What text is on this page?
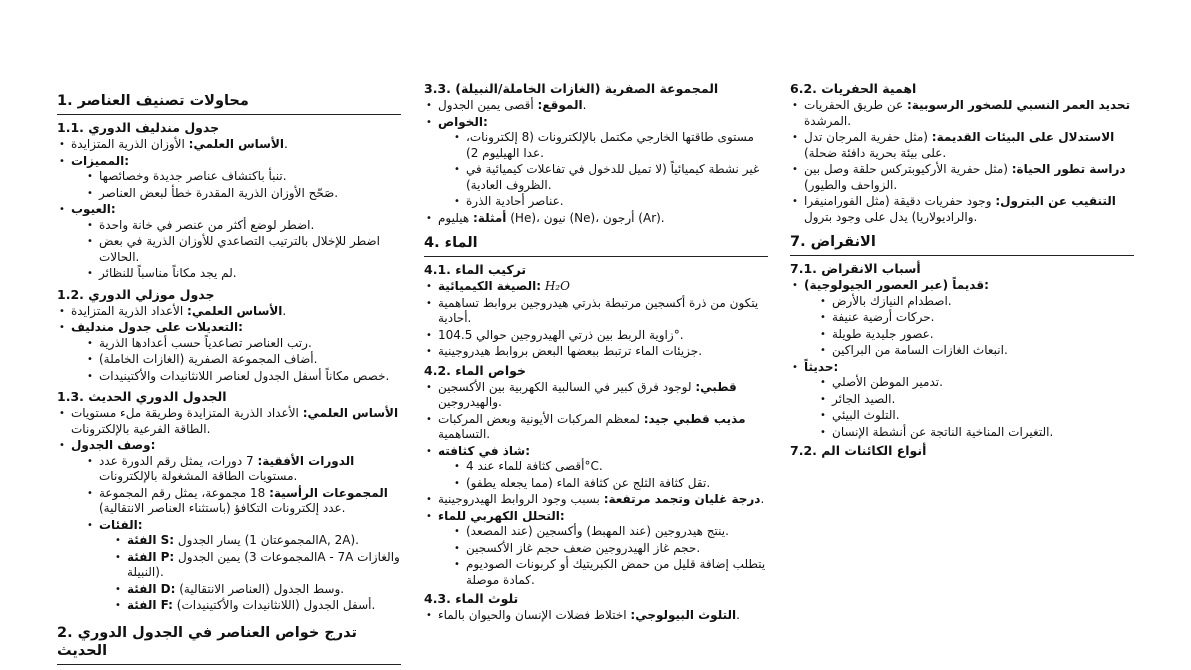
1. محاولات تصنيف العناصر
1.1. جدول مندليف الدوري
• الأساس العلمي: الأوزان الذرية المتزايدة.
• المميزات:
• تنبأ باكتشاف عناصر جديدة وخصائصها.
• صَحّح الأوزان الذرية المقدرة خطأ لبعض العناصر.
• العيوب:
• اضطر لوضع أكثر من عنصر في خانة واحدة.
• اضطر للإخلال بالترتيب التصاعدي للأوزان الذرية في بعض الحالات.
• لم يجد مكاناً مناسباً للنظائر.
1.2. جدول موزلي الدوري
• الأساس العلمي: الأعداد الذرية المتزايدة.
• التعديلات على جدول مندليف:
• رتب العناصر تصاعدياً حسب أعدادها الذرية.
• أضاف المجموعة الصفرية (الغازات الخاملة).
• خصص مكاناً أسفل الجدول لعناصر اللانثانيدات والأكتينيدات.
1.3. الجدول الدوري الحديث
• الأساس العلمي: الأعداد الذرية المتزايدة وطريقة ملء مستويات الطاقة الفرعية بالإلكترونات.
• وصف الجدول:
• الدورات الأفقية: 7 دورات، يمثل رقم الدورة عدد مستويات الطاقة المشغولة بالإلكترونات.
• المجموعات الرأسية: 18 مجموعة، يمثل رقم المجموعة عدد إلكترونات التكافؤ (باستثناء العناصر الانتقالية).
• الفئات:
• الفئة S: يسار الجدول (المجموعتان 1A, 2A).
• الفئة P: يمين الجدول (المجموعات 3A - 7A والغازات النبيلة).
• الفئة D: وسط الجدول (العناصر الانتقالية).
• الفئة F: أسفل الجدول (اللانثانيدات والأكتينيدات).
2. تدرج خواص العناصر في الجدول الدوري الحديث
3.3. المجموعة الصفرية (الغازات الخاملة/النبيلة)
• الموقع: أقصى يمين الجدول.
• الخواص:
• مستوى طاقتها الخارجي مكتمل بالإلكترونات (8 إلكترونات، عدا الهيليوم 2).
• غير نشطة كيميائياً (لا تميل للدخول في تفاعلات كيميائية في الظروف العادية).
• عناصر أحادية الذرة.
• أمثلة: هيليوم (He)، نيون (Ne)، أرجون (Ar).
4. الماء
4.1. تركيب الماء
• الصيغة الكيميائية: H₂O
• يتكون من ذرة أكسجين مرتبطة بذرتي هيدروجين بروابط تساهمية أحادية.
• زاوية الربط بين ذرتي الهيدروجين حوالي 104.5°.
• جزيئات الماء ترتبط ببعضها البعض بروابط هيدروجينية.
4.2. خواص الماء
• قطبي: لوجود فرق كبير في السالبية الكهربية بين الأكسجين والهيدروجين.
• مذيب قطبي جيد: لمعظم المركبات الأيونية وبعض المركبات التساهمية.
• شاذ في كثافته:
• أقصى كثافة للماء عند 4°C.
• تقل كثافة الثلج عن كثافة الماء (مما يجعله يطفو).
• درجة غليان وتجمد مرتفعة: بسبب وجود الروابط الهيدروجينية.
• التحلل الكهربي للماء:
• ينتج هيدروجين (عند المهبط) وأكسجين (عند المصعد).
• حجم غاز الهيدروجين ضعف حجم غاز الأكسجين.
• يتطلب إضافة قليل من حمض الكبريتيك أو كربونات الصوديوم كمادة موصلة.
4.3. تلوث الماء
• التلوث البيولوجي: اختلاط فضلات الإنسان والحيوان بالماء.
6.2. اهمية الحفريات
• تحديد العمر النسبي للصخور الرسوبية: عن طريق الحفريات المرشدة.
• الاستدلال على البيئات القديمة: (مثل حفرية المرجان تدل على بيئة بحرية دافئة ضحلة).
• دراسة تطور الحياة: (مثل حفرية الأركيوبتركس حلقة وصل بين الزواحف والطيور).
• التنقيب عن البترول: وجود حفريات دقيقة (مثل الفورامنيفرا والراديولاريا) يدل على وجود بترول.
7. الانقراض
7.1. أسباب الانقراض
• قديماً (عبر العصور الجيولوجية):
• اصطدام النيازك بالأرض.
• حركات أرضية عنيفة.
• عصور جليدية طويلة.
• انبعاث الغازات السامة من البراكين.
• حديثاً:
• تدمير الموطن الأصلي.
• الصيد الجائر.
• التلوث البيئي.
• التغيرات المناخية الناتجة عن أنشطة الإنسان.
7.2. أنواع الكائنات الم
